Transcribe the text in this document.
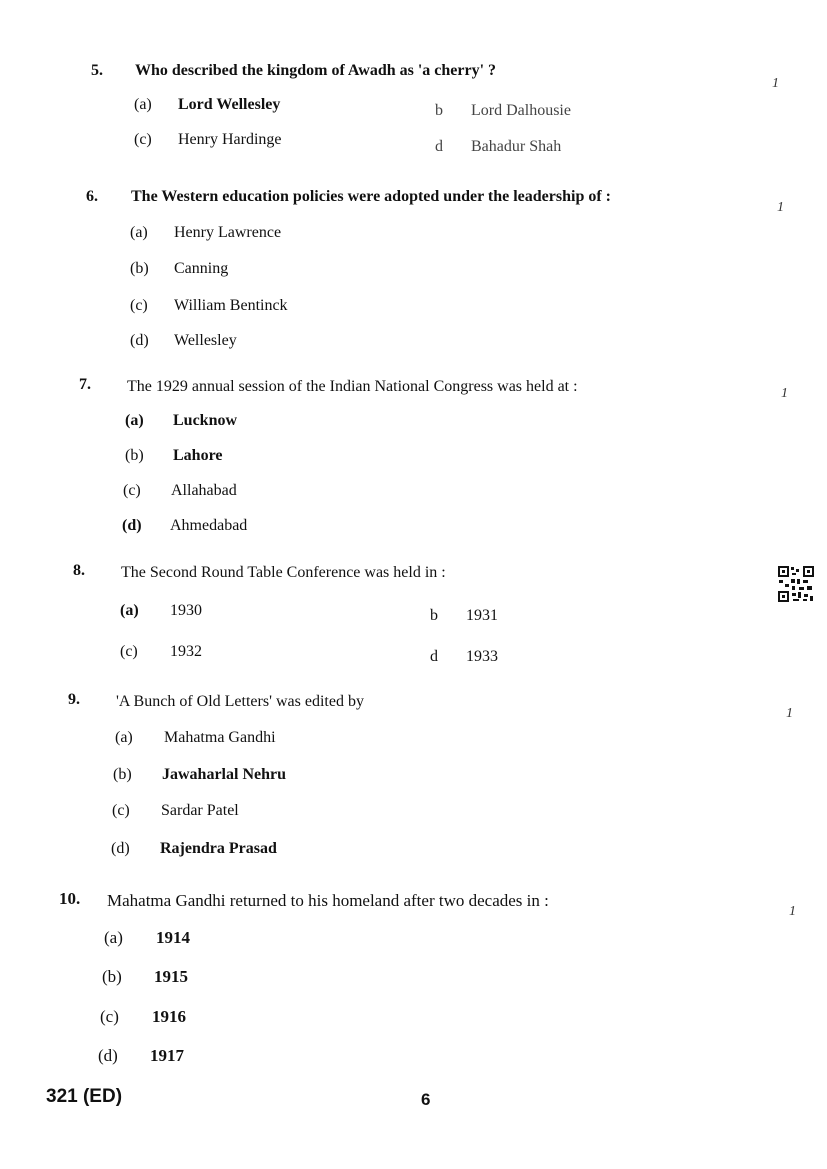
5. Who described the kingdom of Awadh as 'a cherry' ?
1
(a) Lord Wellesley	b Lord Dalhousie
(c) Henry Hardinge	d Bahadur Shah
6. The Western education policies were adopted under the leadership of :
1
(a) Henry Lawrence
(b) Canning
(c) William Bentinck
(d) Wellesley
7. The 1929 annual session of the Indian National Congress was held at :	1
(a) Lucknow
(b) Lahore
(c) Allahabad
(d) Ahmedabad
8. The Second Round Table Conference was held in :
(a) 1930	b 1931
(c) 1932	d 1933
9. 'A Bunch of Old Letters' was edited by
1
(a) Mahatma Gandhi
(b) Jawaharlal Nehru
(c) Sardar Patel
(d) Rajendra Prasad
10. Mahatma Gandhi returned to his homeland after two decades in :
1
(a) 1914
(b) 1915
(c) 1916
(d) 1917
321 (ED)	6
